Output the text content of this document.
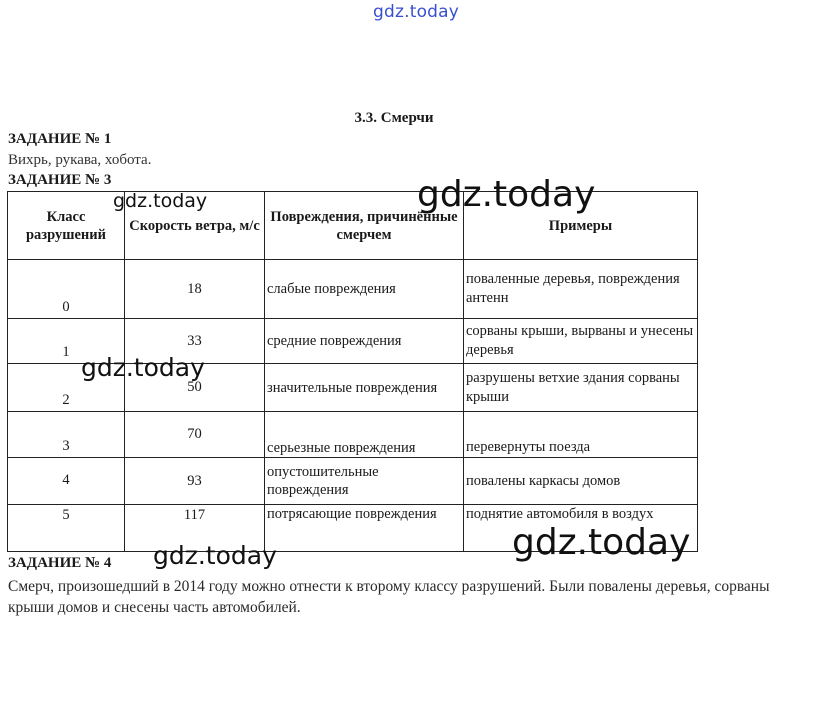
gdz.today
3.3. Смерчи
ЗАДАНИЕ № 1
Вихрь, рукава, хобота.
ЗАДАНИЕ № 3
Класс разрушений	Скорость ветра, м/с	Повреждения, причинённые смерчем	Примеры
0	18	слабые повреждения	поваленные деревья, повреждения антенн
1	33	средние повреждения	сорваны крыши, вырваны и унесены деревья
2	50	значительные повреждения	разрушены ветхие здания сорваны крыши
3	70	серьезные повреждения	перевернуты поезда
4	93	опустошительные повреждения	повалены каркасы домов
5	117	потрясающие повреждения	поднятие автомобиля в воздух
ЗАДАНИЕ № 4
Смерч, произошедший в 2014 году можно отнести к второму классу разрушений. Были повалены деревья, сорваны крыши домов и снесены часть автомобилей.
gdz.today
gdz.today
gdz.today
gdz.today	gdz.today
